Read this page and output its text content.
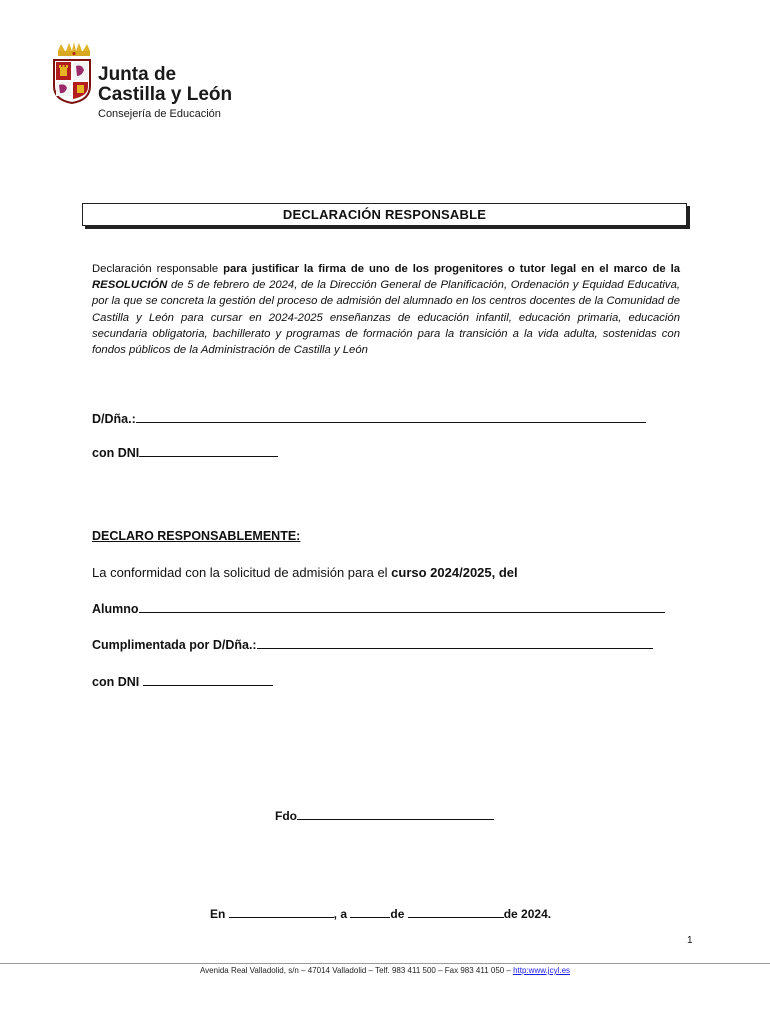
Junta de
Castilla y León
Consejería de Educación
DECLARACIÓN RESPONSABLE
Declaración responsable para justificar la firma de uno de los progenitores o tutor legal en el marco de la RESOLUCIÓN de 5 de febrero de 2024, de la Dirección General de Planificación, Ordenación y Equidad Educativa, por la que se concreta la gestión del proceso de admisión del alumnado en los centros docentes de la Comunidad de Castilla y León para cursar en 2024-2025 enseñanzas de educación infantil, educación primaria, educación secundaria obligatoria, bachillerato y programas de formación para la transición a la vida adulta, sostenidas con fondos públicos de la Administración de Castilla y León
D/Dña.:
con DNI
DECLARO RESPONSABLEMENTE:
La conformidad con la solicitud de admisión para el curso 2024/2025, del
Alumno
Cumplimentada por D/Dña.:
con DNI
Fdo
En	, a	de	de 2024.
1
Avenida Real Valladolid, s/n – 47014 Valladolid – Telf. 983 411 500 – Fax 983 411 050 – http:www.jcyl.es
